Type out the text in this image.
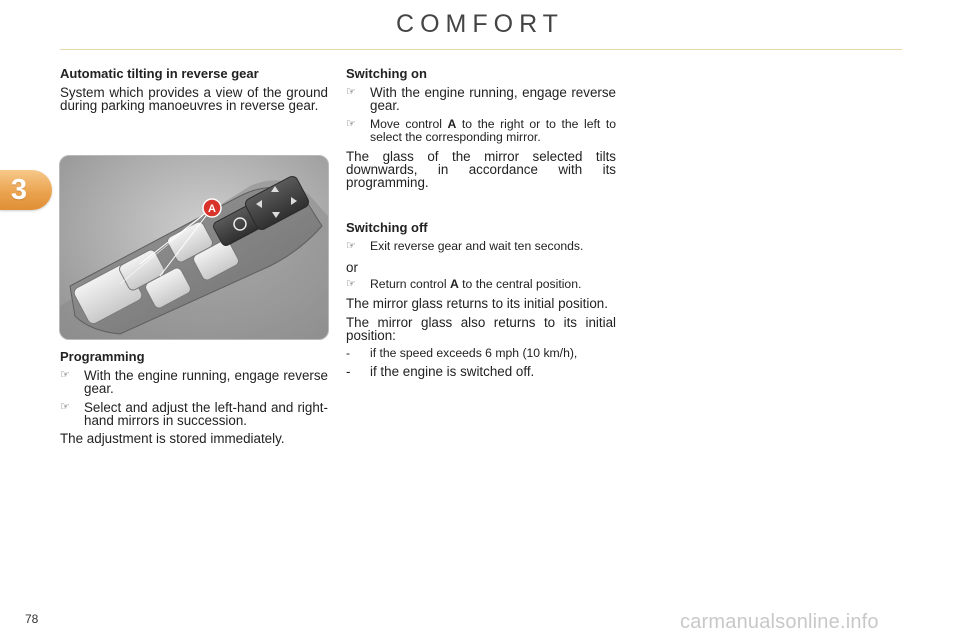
COMFORT
3
Automatic tilting in reverse gear

System which provides a view of the ground during parking manoeuvres in reverse gear.

A
Programming
☞ With the engine running, engage reverse gear.
☞ Select and adjust the left-hand and right-hand mirrors in succession.

The adjustment is stored immediately.

Switching on
☞ With the engine running, engage reverse gear.
☞ Move control A to the right or to the left to select the corresponding mirror.

The glass of the mirror selected tilts downwards, in accordance with its programming.

Switching off
☞ Exit reverse gear and wait ten seconds.

or

☞ Return control A to the central position.

The mirror glass returns to its initial position.

The mirror glass also returns to its initial position:

- if the speed exceeds 6 mph (10 km/h),
- if the engine is switched off.
78	carmanualsonline.info
